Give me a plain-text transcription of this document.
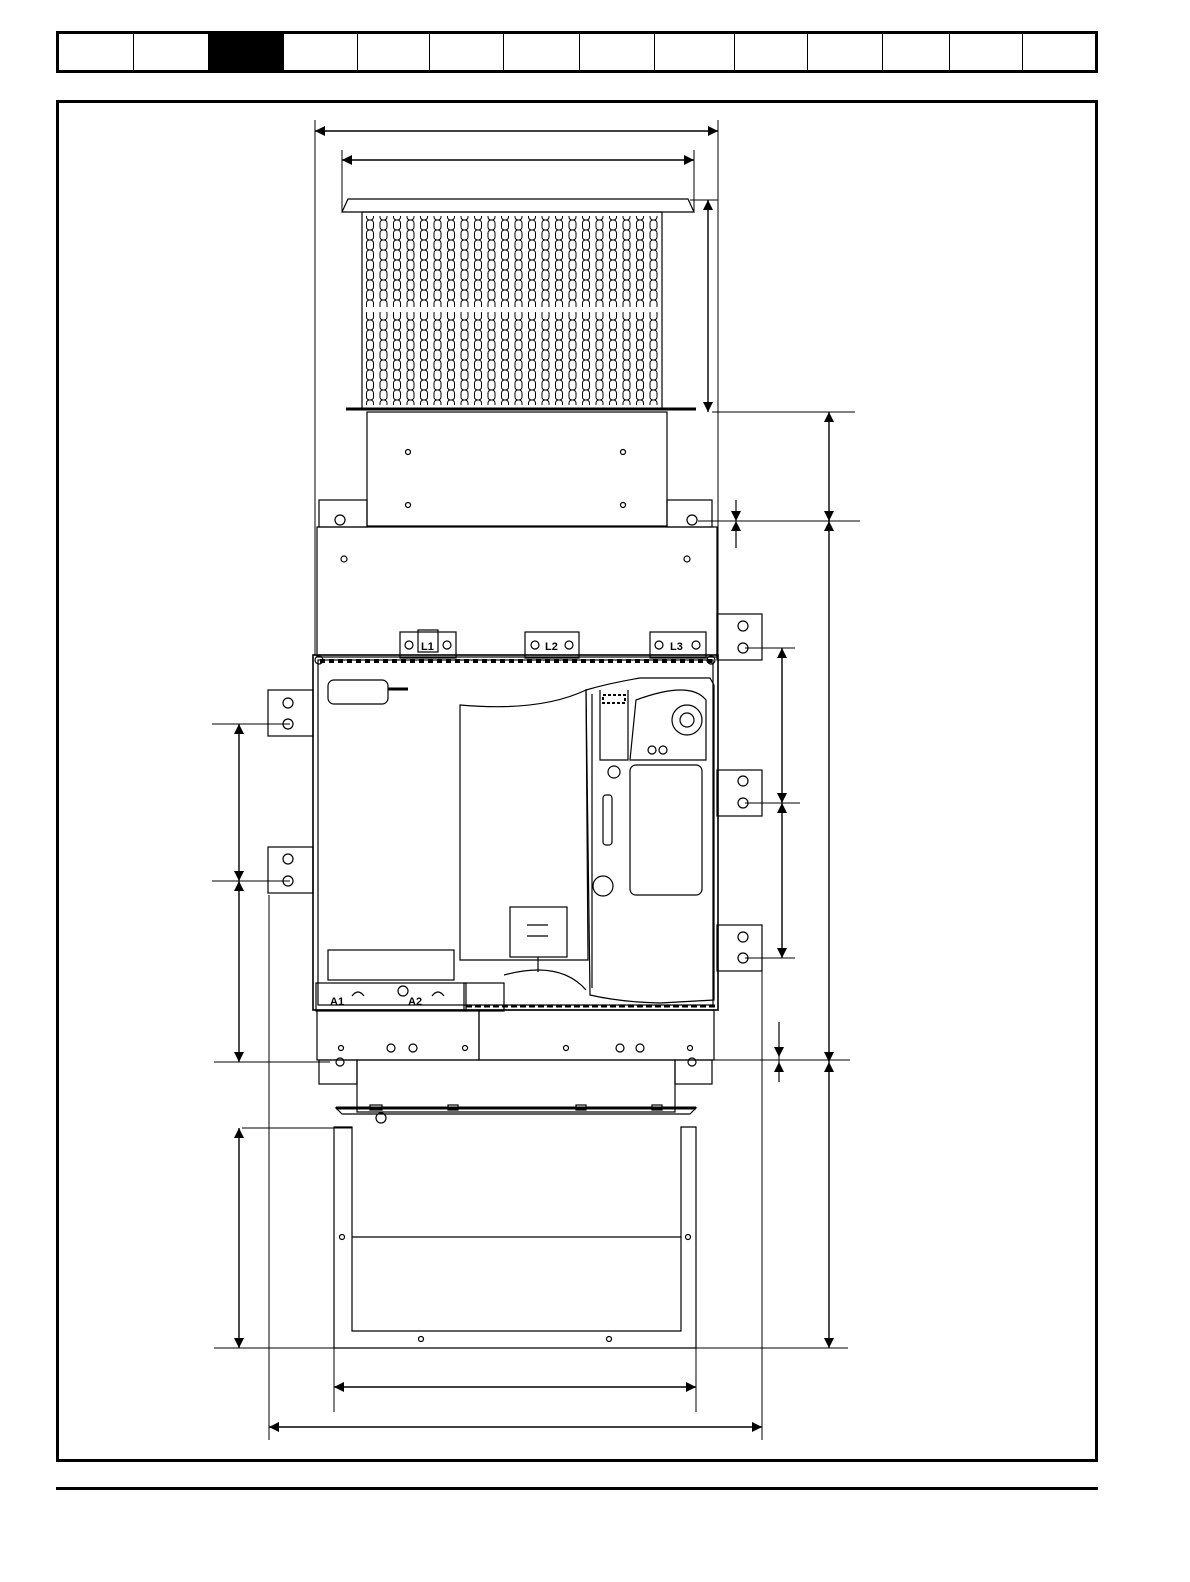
L1	L2	L3
A1	A2
